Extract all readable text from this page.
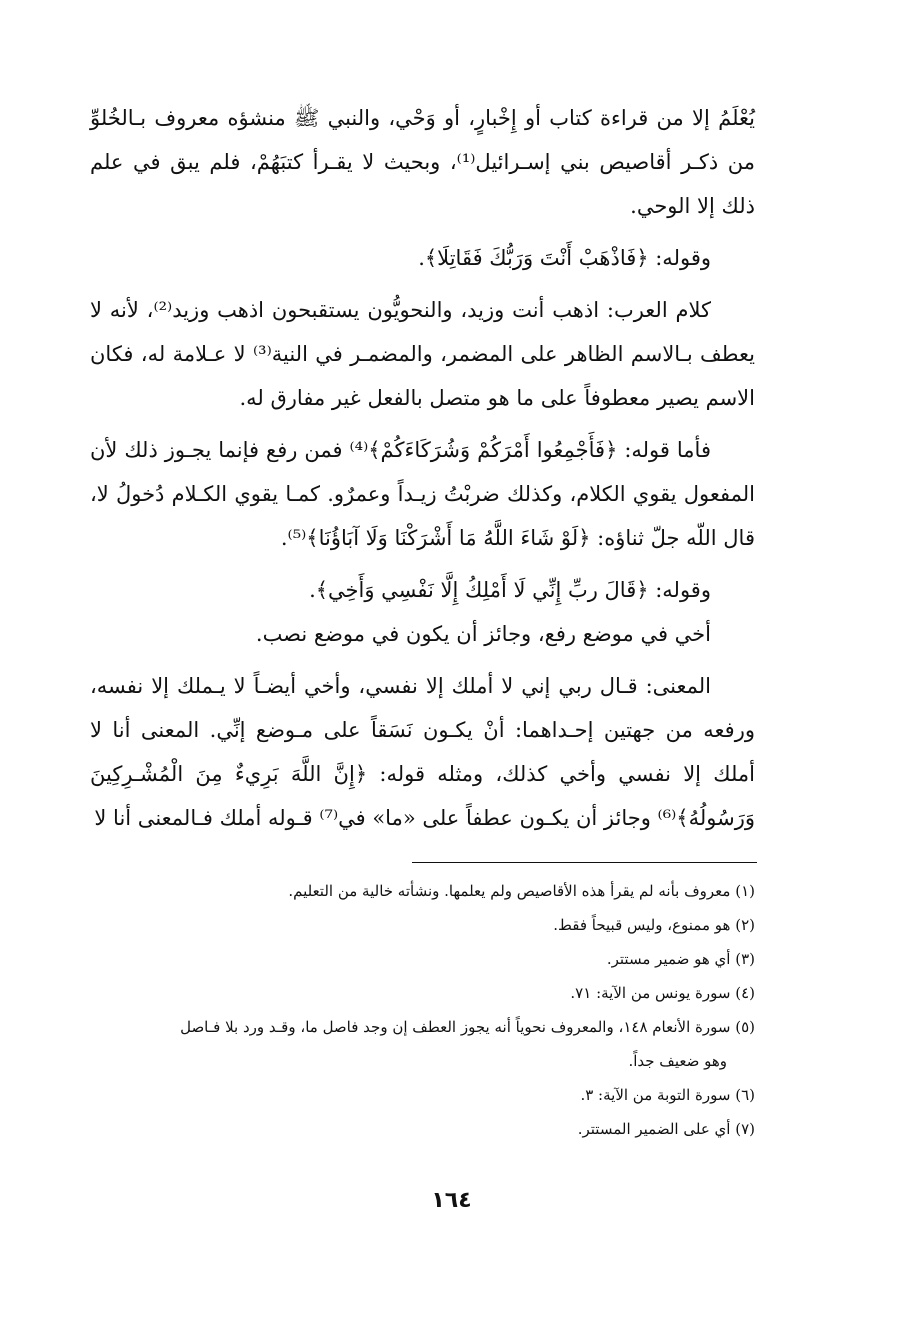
يُعْلَمُ إلا من قراءة كتاب أو إِخْبارٍ، أو وَحْي، والنبي ﷺ منشؤه معروف بـالخُلوِّ من ذكـر أقاصيص بني إسـرائيل⁽¹⁾، وبحيث لا يقـرأ كتبَهُمْ، فلم يبق في علم ذلك إلا الوحي.

وقوله: ﴿فَاذْهَبْ أَنْتَ وَرَبُّكَ فَقَاتِلَا﴾.

كلام العرب: اذهب أنت وزيد، والنحويُّون يستقبحون اذهب وزيد⁽²⁾، لأنه لا يعطف بـالاسم الظاهر على المضمر، والمضمـر في النية⁽³⁾ لا عـلامة له، فكان الاسم يصير معطوفاً على ما هو متصل بالفعل غير مفارق له.

فأما قوله: ﴿فَأَجْمِعُوا أَمْرَكُمْ وَشُرَكَاءَكُمْ﴾⁽⁴⁾ فمن رفع فإنما يجـوز ذلك لأن المفعول يقوي الكلام، وكذلك ضربْتُ زيـداً وعمرٌو. كمـا يقوي الكـلام دُخولُ لا، قال اللّه جلّ ثناؤه: ﴿لَوْ شَاءَ اللَّهُ مَا أَشْرَكْنَا وَلَا آبَاؤُنَا﴾⁽⁵⁾.

وقوله: ﴿قَالَ ربِّ إِنِّي لَا أَمْلِكُ إِلَّا نَفْسِي وَأَخِي﴾.

أخي في موضع رفع، وجائز أن يكون في موضع نصب.

المعنى: قـال ربي إني لا أملك إلا نفسي، وأخي أيضـاً لا يـملك إلا نفسه، ورفعه من جهتين إحـداهما: أنْ يكـون نَسَقاً على مـوضع إنِّي. المعنى أنا لا أملك إلا نفسي وأخي كذلك، ومثله قوله: ﴿إِنَّ اللَّهَ بَرِيءٌ مِنَ الْمُشْـرِكِينَ وَرَسُولُهُ﴾⁽⁶⁾ وجائز أن يكـون عطفاً على «ما» في⁽⁷⁾ قـوله أملك فـالمعنى أنا لا

(١) معروف بأنه لم يقرأ هذه الأقاصيص ولم يعلمها. ونشأته خالية من التعليم.

(٢) هو ممنوع، وليس قبيحاً فقط.

(٣) أي هو ضمير مستتر.

(٤) سورة يونس من الآية: ٧١.

(٥) سورة الأنعام ١٤٨، والمعروف نحوياً أنه يجوز العطف إن وجد فاصل ما، وقـد ورد بلا فـاصل
وهو ضعيف جداً.

(٦) سورة التوبة من الآية: ٣.

(٧) أي على الضمير المستتر.

١٦٤
